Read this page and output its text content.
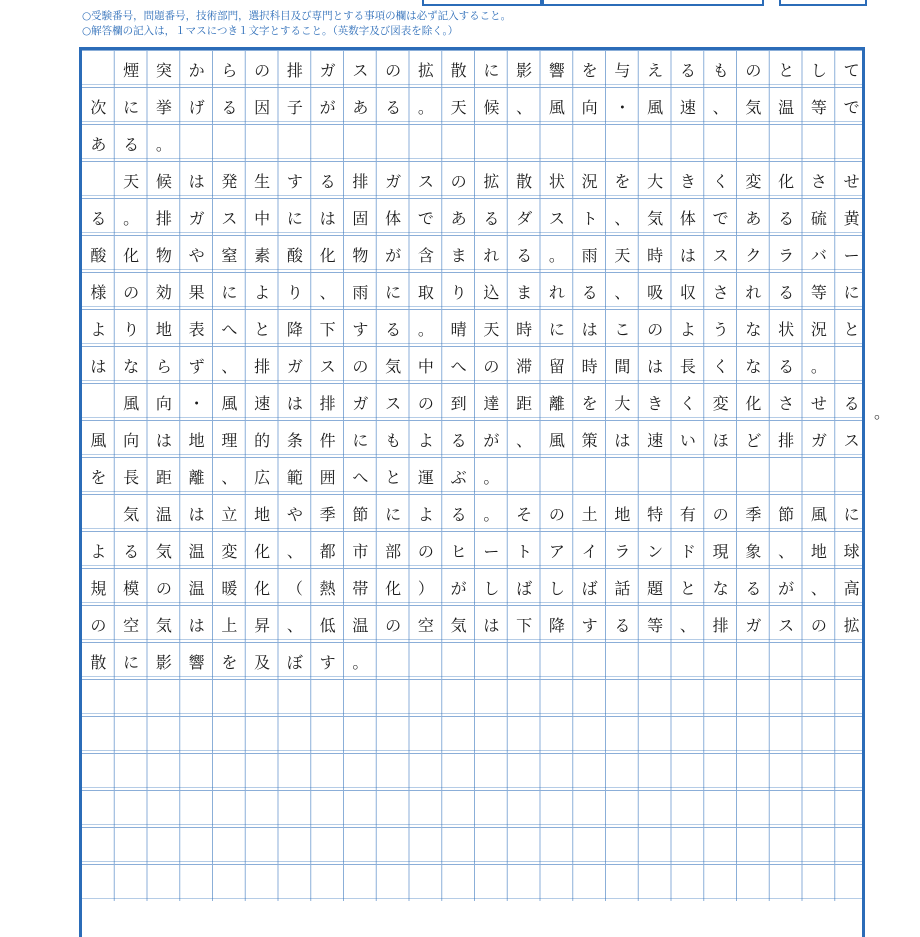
○受験番号，問題番号，技術部門，選択科目及び専門とする事項の欄は必ず記入すること。
○解答欄の記入は，１マスにつき１文字とすること。（英数字及び図表を除く。）
煙	突	か	ら	の	排	ガ	ス	の	拡	散	に	影	響	を	与	え	る	も	の	と	し	て
次	に	挙	げ	る	因	子	が	あ	る	。	天	候	、	風	向	・	風	速	、	気	温	等	で
あ	る	。
天	候	は	発	生	す	る	排	ガ	ス	の	拡	散	状	況	を	大	き	く	変	化	さ	せ
る	。	排	ガ	ス	中	に	は	固	体	で	あ	る	ダ	ス	ト	、	気	体	で	あ	る	硫	黄
酸	化	物	や	窒	素	酸	化	物	が	含	ま	れ	る	。	雨	天	時	は	ス	ク	ラ	バ	ー
様	の	効	果	に	よ	り	、	雨	に	取	り	込	ま	れ	る	、	吸	収	さ	れ	る	等	に
よ	り	地	表	へ	と	降	下	す	る	。	晴	天	時	に	は	こ	の	よ	う	な	状	況	と
は	な	ら	ず	、	排	ガ	ス	の	気	中	へ	の	滞	留	時	間	は	長	く	な	る	。
風	向	・	風	速	は	排	ガ	ス	の	到	達	距	離	を	大	き	く	変	化	さ	せ	る
風	向	は	地	理	的	条	件	に	も	よ	る	が	、	風	策	は	速	い	ほ	ど	排	ガ	ス
を	長	距	離	、	広	範	囲	へ	と	運	ぶ	。
気	温	は	立	地	や	季	節	に	よ	る	。	そ	の	土	地	特	有	の	季	節	風	に
よ	る	気	温	変	化	、	都	市	部	の	ヒ	ー	ト	ア	イ	ラ	ン	ド	現	象	、	地	球
規	模	の	温	暖	化	（	熱	帯	化	）	が	し	ば	し	ば	話	題	と	な	る	が	、	高
の	空	気	は	上	昇	、	低	温	の	空	気	は	下	降	す	る	等	、	排	ガ	ス	の	拡
散	に	影	響	を	及	ぼ	す	。
。
